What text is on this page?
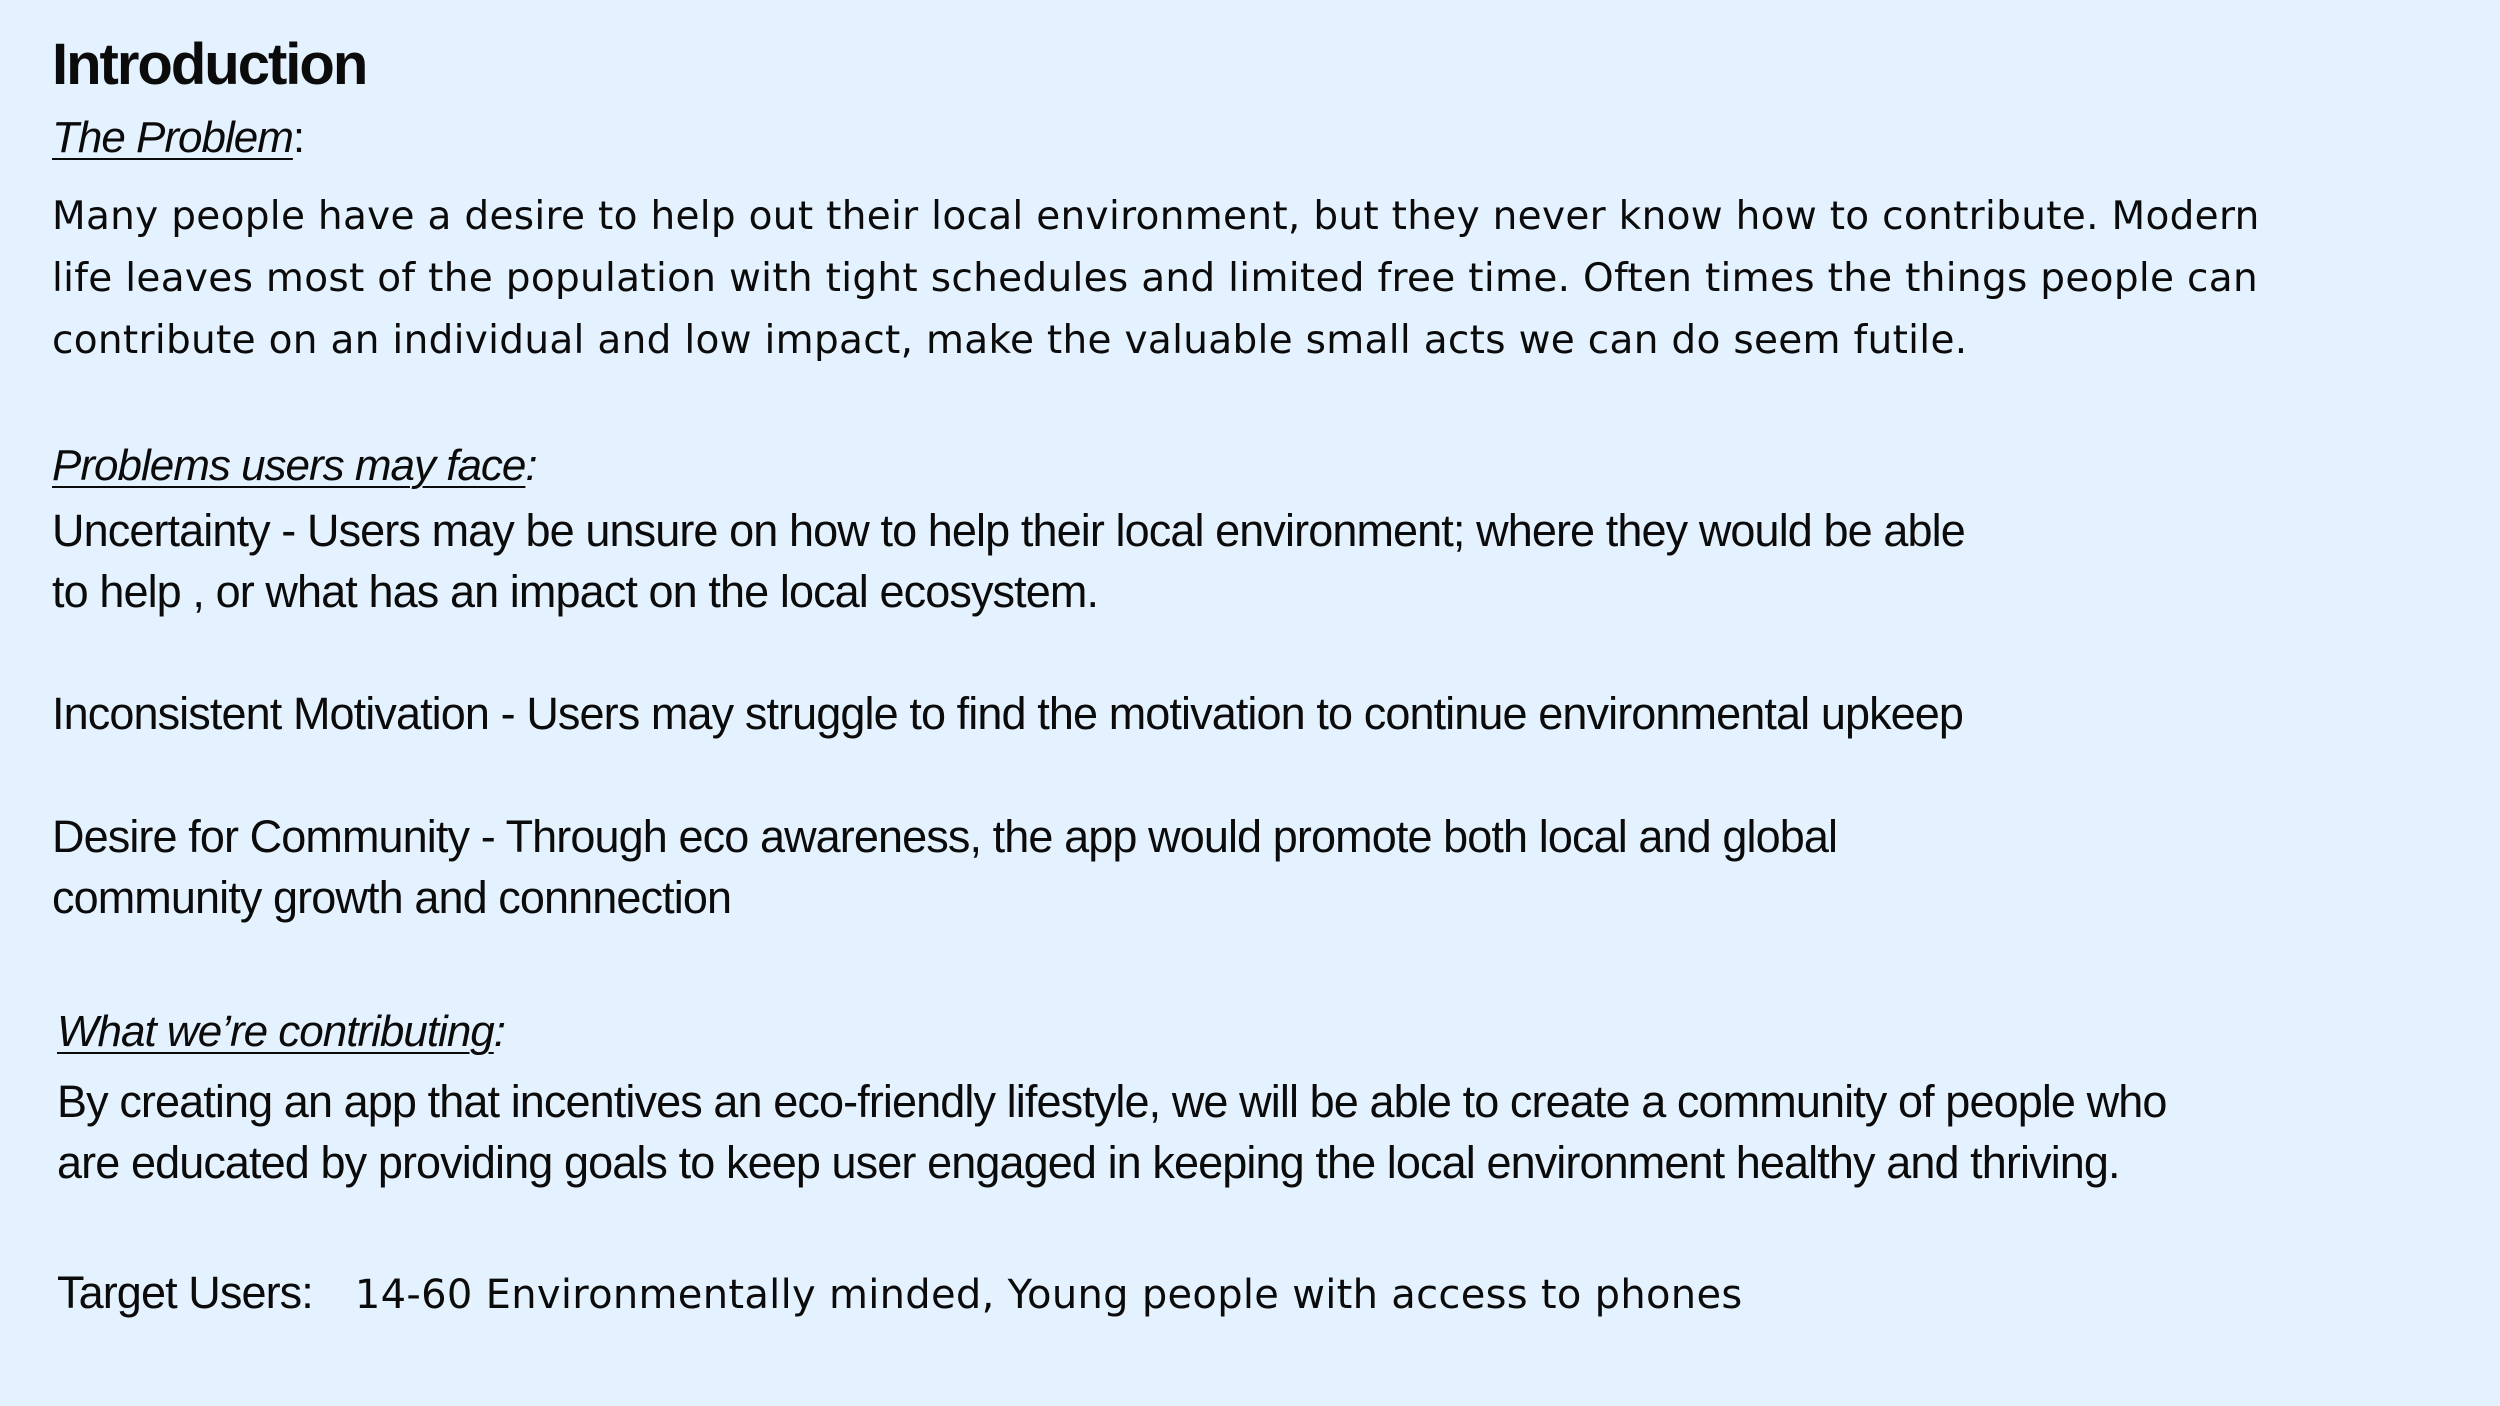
Introduction
The Problem:
Many people have a desire to help out their local environment, but they never know how to contribute. Modern
life leaves most of the population with tight schedules and limited free time. Often times the things people can
contribute on an individual and low impact, make the valuable small acts we can do seem futile.
Problems users may face:
Uncertainty - Users may be unsure on how to help their local environment; where they would be able
to help , or what has an impact on the local ecosystem.
Inconsistent Motivation - Users may struggle to find the motivation to continue environmental upkeep
Desire for Community - Through eco awareness, the app would promote both local and global
community growth and connnection
What we’re contributing:
By creating an app that incentives an eco-friendly lifestyle, we will be able to create a community of people who
are educated by providing goals to keep user engaged in keeping the local environment healthy and thriving.
Target Users: 14-60 Environmentally minded, Young people with access to phones
